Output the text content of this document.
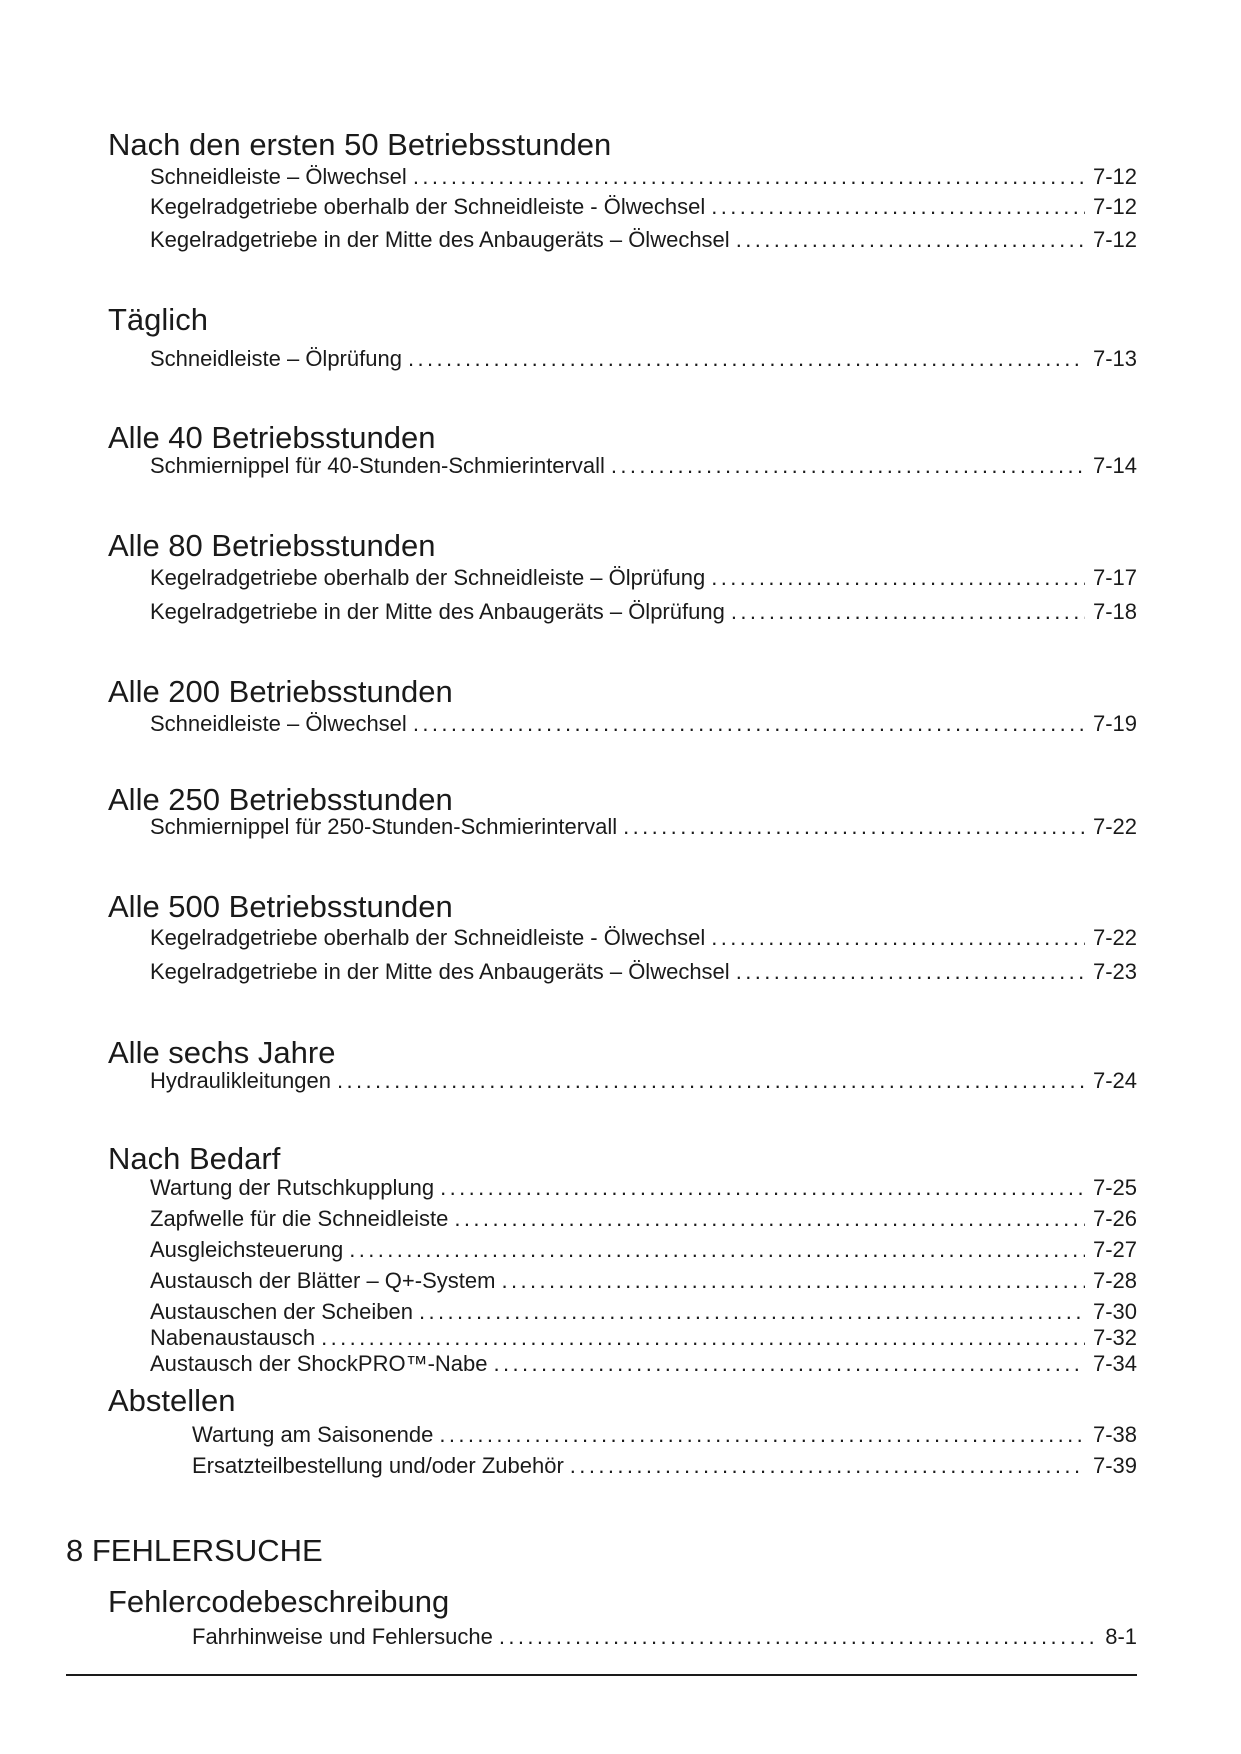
Nach den ersten 50 Betriebsstunden
Schneidleiste – Ölwechsel .....	7-12
Kegelradgetriebe oberhalb der Schneidleiste - Ölwechsel .....	7-12
Kegelradgetriebe in der Mitte des Anbaugeräts – Ölwechsel .....	7-12
Täglich
Schneidleiste – Ölprüfung .....	7-13
Alle 40 Betriebsstunden
Schmiernippel für 40-Stunden-Schmierintervall .....	7-14
Alle 80 Betriebsstunden
Kegelradgetriebe oberhalb der Schneidleiste – Ölprüfung .....	7-17
Kegelradgetriebe in der Mitte des Anbaugeräts – Ölprüfung .....	7-18
Alle 200 Betriebsstunden
Schneidleiste – Ölwechsel .....	7-19
Alle 250 Betriebsstunden
Schmiernippel für 250-Stunden-Schmierintervall .....	7-22
Alle 500 Betriebsstunden
Kegelradgetriebe oberhalb der Schneidleiste - Ölwechsel .....	7-22
Kegelradgetriebe in der Mitte des Anbaugeräts – Ölwechsel .....	7-23
Alle sechs Jahre
Hydraulikleitungen .....	7-24
Nach Bedarf
Wartung der Rutschkupplung .....	7-25
Zapfwelle für die Schneidleiste .....	7-26
Ausgleichsteuerung .....	7-27
Austausch der Blätter – Q+-System .....	7-28
Austauschen der Scheiben .....	7-30
Nabenaustausch .....	7-32
Austausch der ShockPRO™-Nabe .....	7-34
Abstellen
Wartung am Saisonende .....	7-38
Ersatzteilbestellung und/oder Zubehör .....	7-39
8 FEHLERSUCHE
Fehlercodebeschreibung
Fahrhinweise und Fehlersuche .....	8-1
